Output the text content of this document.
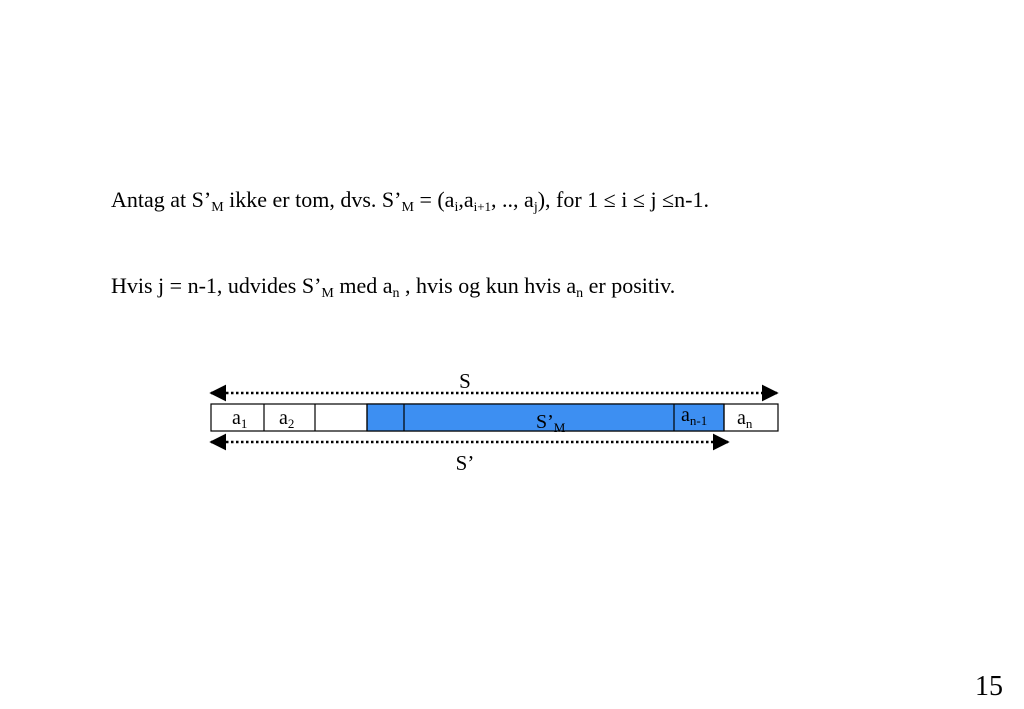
Antag at $S’_M$ ikke er tom, dvs. $S’_M = (a_i,a_{i+1}$, .., $a_j$), for 1 ≤ i ≤ j ≤n-1.

Hvis j = n-1, udvides $S’_M$ med $a_n$ , hvis og kun hvis $a_n$ er positiv.

S
$a_1$ $a_2$	$S’_M$
$a_{n-1}$ $a_n$
S’
15
